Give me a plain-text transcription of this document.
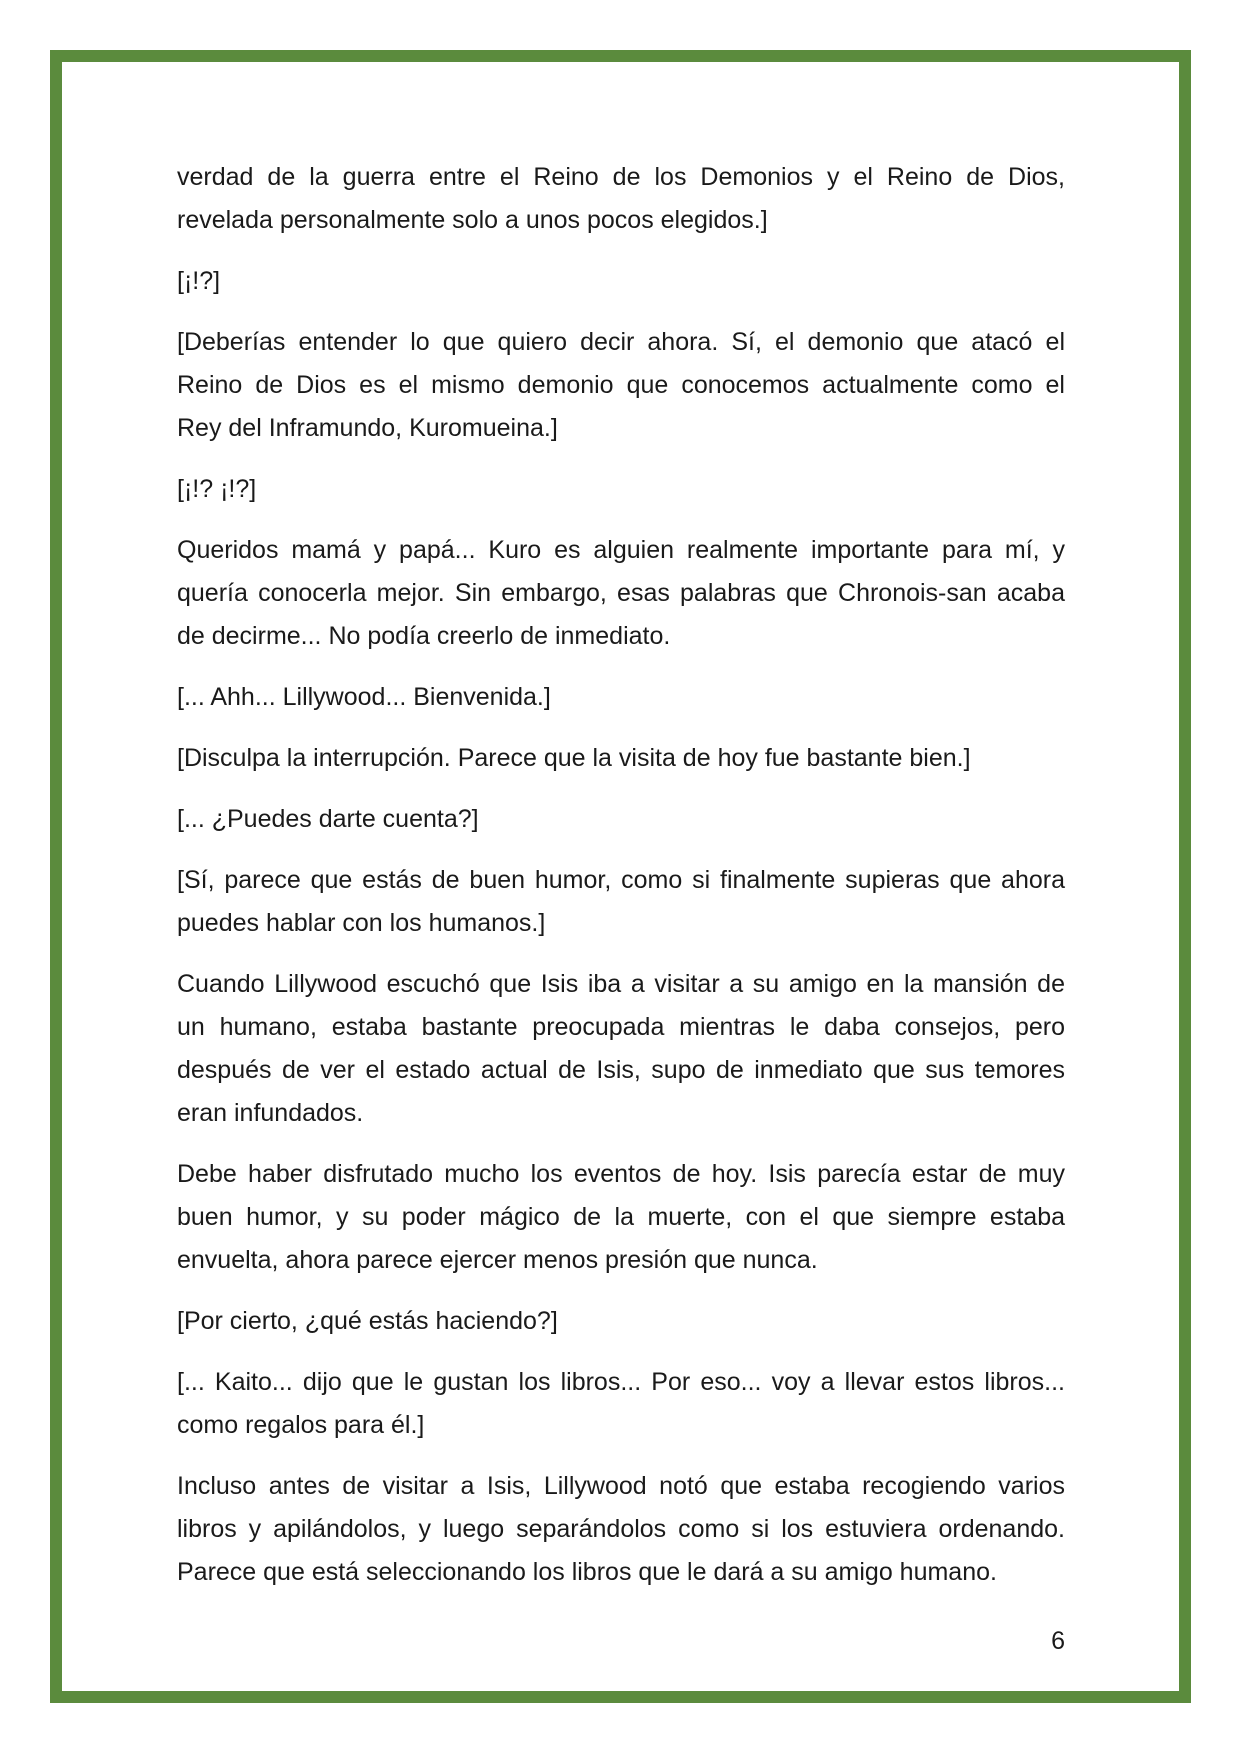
verdad de la guerra entre el Reino de los Demonios y el Reino de Dios,
revelada personalmente solo a unos pocos elegidos.]
[¡!?]
[Deberías entender lo que quiero decir ahora. Sí, el demonio que atacó el
Reino de Dios es el mismo demonio que conocemos actualmente como el
Rey del Inframundo, Kuromueina.]
[¡!? ¡!?]
Queridos mamá y papá... Kuro es alguien realmente importante para mí, y
quería conocerla mejor. Sin embargo, esas palabras que Chronois-san acaba
de decirme... No podía creerlo de inmediato.
[... Ahh... Lillywood... Bienvenida.]
[Disculpa la interrupción. Parece que la visita de hoy fue bastante bien.]
[... ¿Puedes darte cuenta?]
[Sí, parece que estás de buen humor, como si finalmente supieras que ahora
puedes hablar con los humanos.]
Cuando Lillywood escuchó que Isis iba a visitar a su amigo en la mansión de
un humano, estaba bastante preocupada mientras le daba consejos, pero
después de ver el estado actual de Isis, supo de inmediato que sus temores
eran infundados.
Debe haber disfrutado mucho los eventos de hoy. Isis parecía estar de muy
buen humor, y su poder mágico de la muerte, con el que siempre estaba
envuelta, ahora parece ejercer menos presión que nunca.
[Por cierto, ¿qué estás haciendo?]
[... Kaito... dijo que le gustan los libros... Por eso... voy a llevar estos libros...
como regalos para él.]
Incluso antes de visitar a Isis, Lillywood notó que estaba recogiendo varios
libros y apilándolos, y luego separándolos como si los estuviera ordenando.
Parece que está seleccionando los libros que le dará a su amigo humano.
6
